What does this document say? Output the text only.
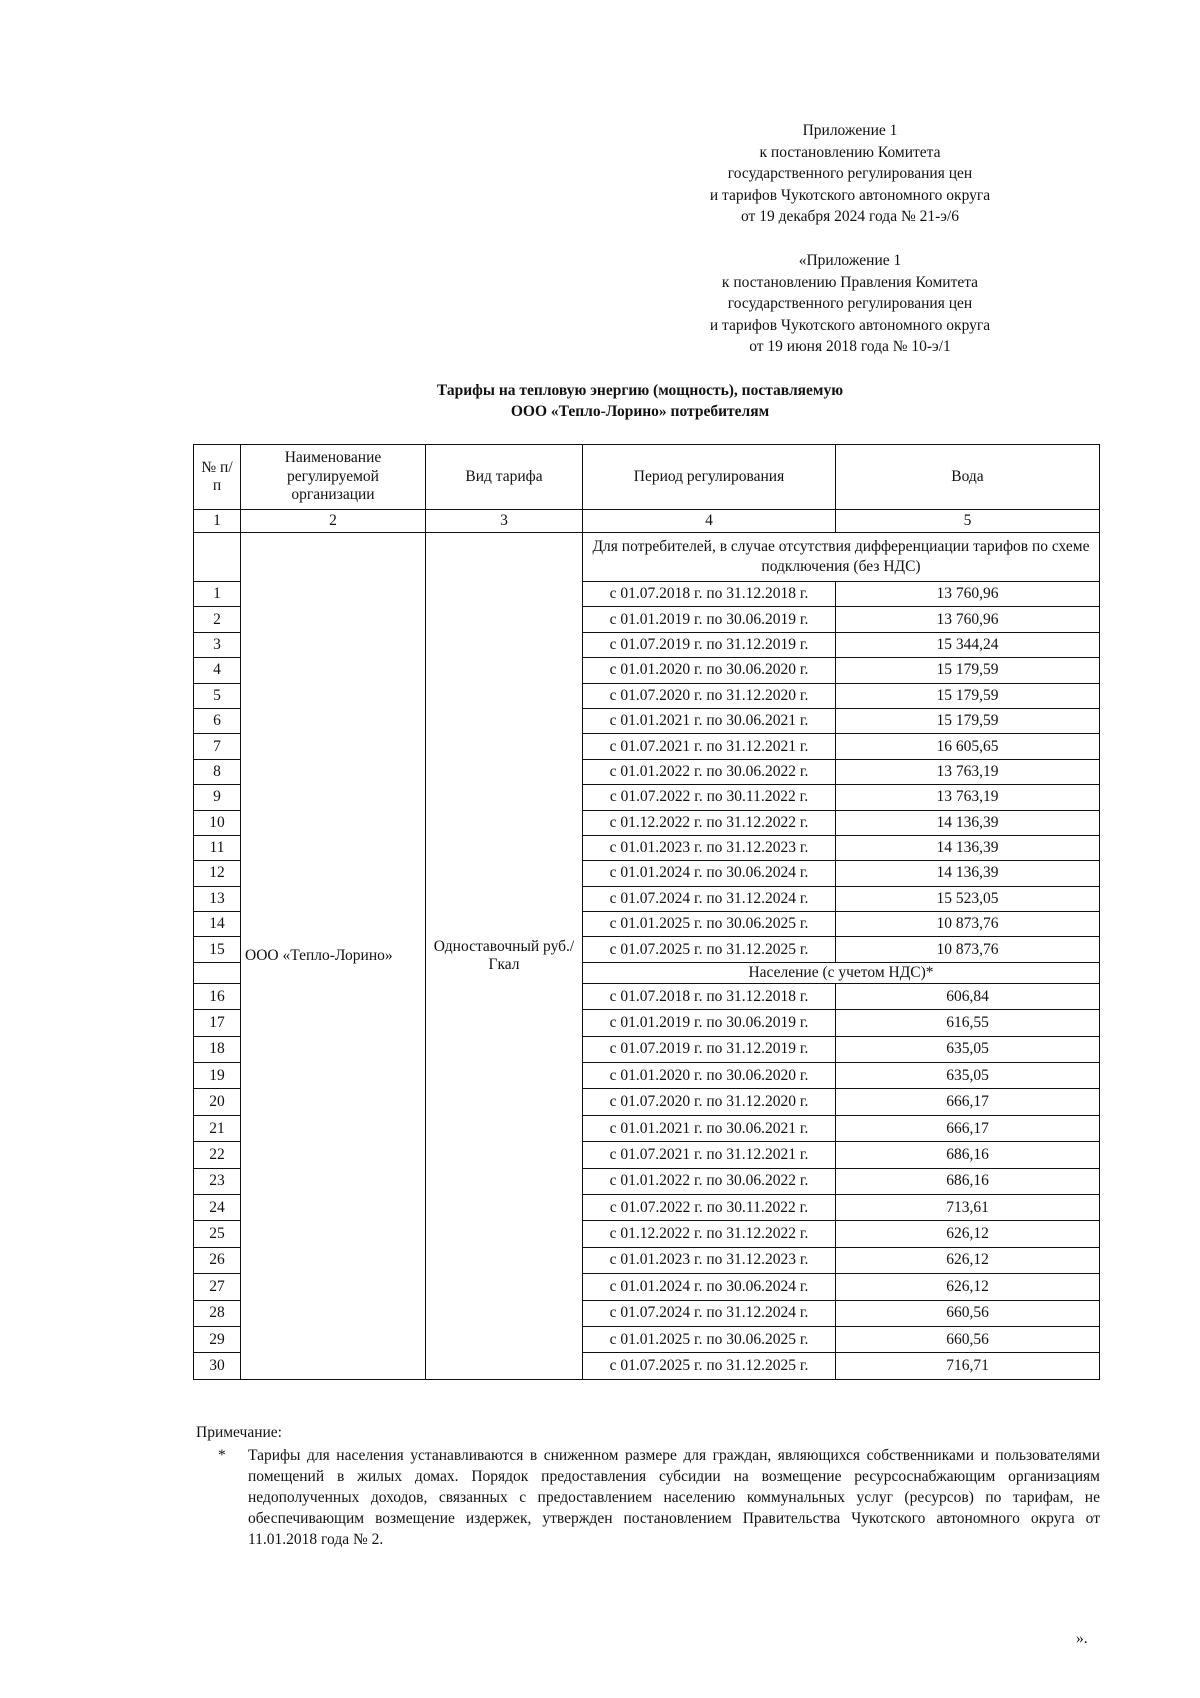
Приложение 1
к постановлению Комитета
государственного регулирования цен
и тарифов Чукотского автономного округа
от 19 декабря 2024 года № 21-э/6
«Приложение 1
к постановлению Правления Комитета
государственного регулирования цен
и тарифов Чукотского автономного округа
от 19 июня 2018 года № 10-э/1
Тарифы на тепловую энергию (мощность), поставляемую
ООО «Тепло-Лорино» потребителям
№ п/п	Наименование регулируемой организации	Вид тарифа	Период регулирования	Вода
1	2	3	4	5
	ООО «Тепло-Лорино»	Одноставочный руб./Гкал	Для потребителей, в случае отсутствия дифференциации тарифов по схеме подключения (без НДС)	
1			с 01.07.2018 г. по 31.12.2018 г.	13 760,96
2			с 01.01.2019 г. по 30.06.2019 г.	13 760,96
3			с 01.07.2019 г. по 31.12.2019 г.	15 344,24
4			с 01.01.2020 г. по 30.06.2020 г.	15 179,59
5			с 01.07.2020 г. по 31.12.2020 г.	15 179,59
6			с 01.01.2021 г. по 30.06.2021 г.	15 179,59
7			с 01.07.2021 г. по 31.12.2021 г.	16 605,65
8			с 01.01.2022 г. по 30.06.2022 г.	13 763,19
9			с 01.07.2022 г. по 30.11.2022 г.	13 763,19
10			с 01.12.2022 г. по 31.12.2022 г.	14 136,39
11			с 01.01.2023 г. по 31.12.2023 г.	14 136,39
12			с 01.01.2024 г. по 30.06.2024 г.	14 136,39
13			с 01.07.2024 г. по 31.12.2024 г.	15 523,05
14			с 01.01.2025 г. по 30.06.2025 г.	10 873,76
15			с 01.07.2025 г. по 31.12.2025 г.	10 873,76
			Население (с учетом НДС)*	
16			с 01.07.2018 г. по 31.12.2018 г.	606,84
17			с 01.01.2019 г. по 30.06.2019 г.	616,55
18			с 01.07.2019 г. по 31.12.2019 г.	635,05
19			с 01.01.2020 г. по 30.06.2020 г.	635,05
20			с 01.07.2020 г. по 31.12.2020 г.	666,17
21			с 01.01.2021 г. по 30.06.2021 г.	666,17
22			с 01.07.2021 г. по 31.12.2021 г.	686,16
23			с 01.01.2022 г. по 30.06.2022 г.	686,16
24			с 01.07.2022 г. по 30.11.2022 г.	713,61
25			с 01.12.2022 г. по 31.12.2022 г.	626,12
26			с 01.01.2023 г. по 31.12.2023 г.	626,12
27			с 01.01.2024 г. по 30.06.2024 г.	626,12
28			с 01.07.2024 г. по 31.12.2024 г.	660,56
29			с 01.01.2025 г. по 30.06.2025 г.	660,56
30			с 01.07.2025 г. по 31.12.2025 г.	716,71
Примечание:
* Тарифы для населения устанавливаются в сниженном размере для граждан, являющихся собственниками и пользователями помещений в жилых домах. Порядок предоставления субсидии на возмещение ресурсоснабжающим организациям недополученных доходов, связанных с предоставлением населению коммунальных услуг (ресурсов) по тарифам, не обеспечивающим возмещение издержек, утвержден постановлением Правительства Чукотского автономного округа от 11.01.2018 года № 2.
».
